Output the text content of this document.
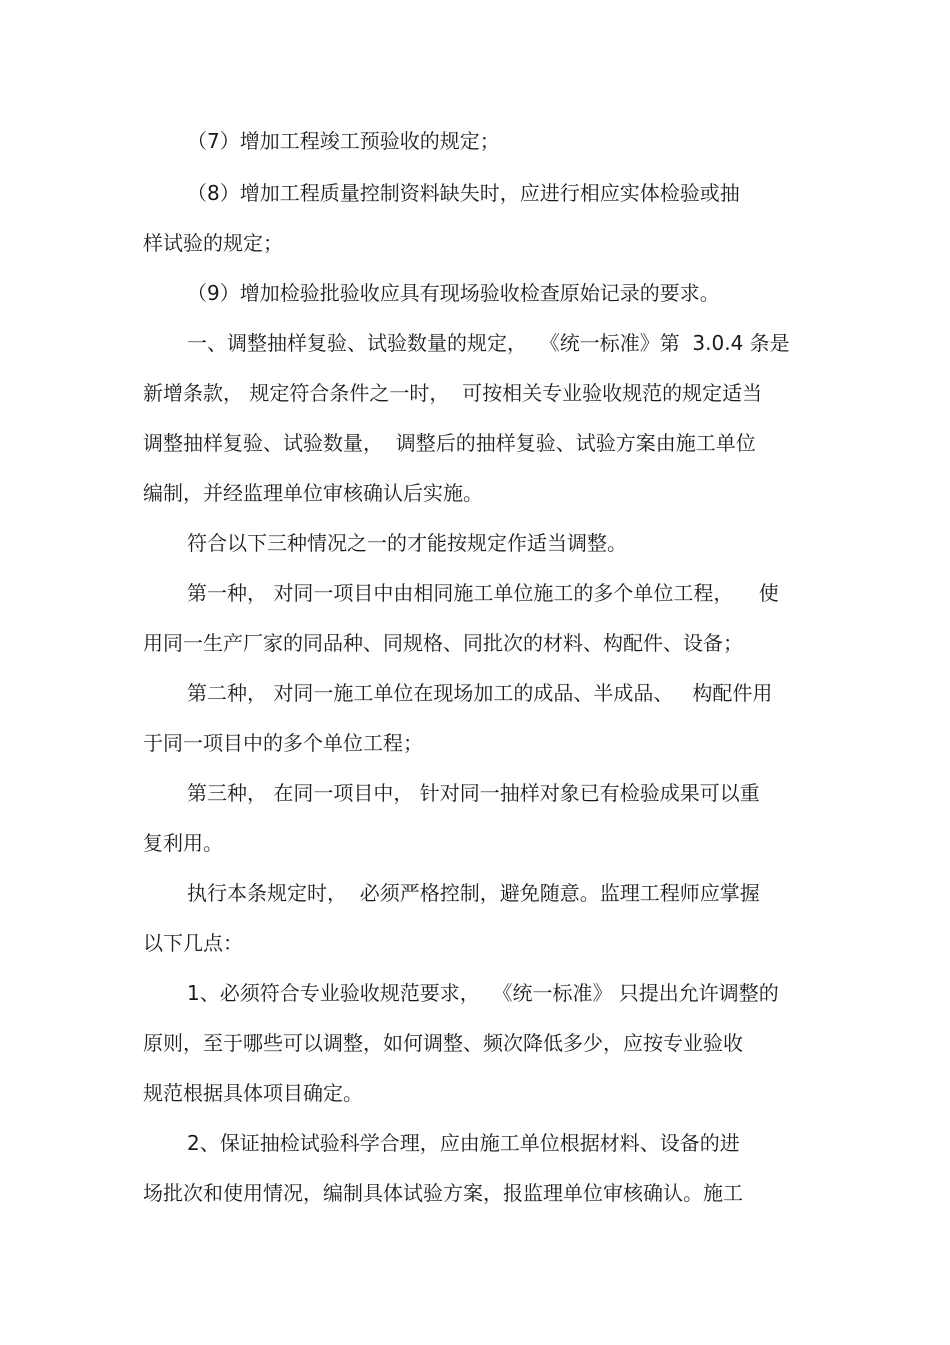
（7）增加工程竣工预验收的规定；

（8）增加工程质量控制资料缺失时，应进行相应实体检验或抽

样试验的规定；

（9）增加检验批验收应具有现场验收检查原始记录的要求。

一、调整抽样复验、试验数量的规定，  《统一标准》第  3.0.4 条是

新增条款， 规定符合条件之一时，  可按相关专业验收规范的规定适当

调整抽样复验、试验数量，  调整后的抽样复验、试验方案由施工单位

编制，并经监理单位审核确认后实施。

符合以下三种情况之一的才能按规定作适当调整。

第一种， 对同一项目中由相同施工单位施工的多个单位工程，    使

用同一生产厂家的同品种、同规格、同批次的材料、构配件、设备；

第二种， 对同一施工单位在现场加工的成品、半成品、   构配件用

于同一项目中的多个单位工程；

第三种， 在同一项目中， 针对同一抽样对象已有检验成果可以重

复利用。

执行本条规定时，  必须严格控制，避免随意。监理工程师应掌握

以下几点：

1、必须符合专业验收规范要求，  《统一标准》 只提出允许调整的

原则，至于哪些可以调整，如何调整、频次降低多少，应按专业验收

规范根据具体项目确定。

2、保证抽检试验科学合理，应由施工单位根据材料、设备的进

场批次和使用情况，编制具体试验方案，报监理单位审核确认。施工
